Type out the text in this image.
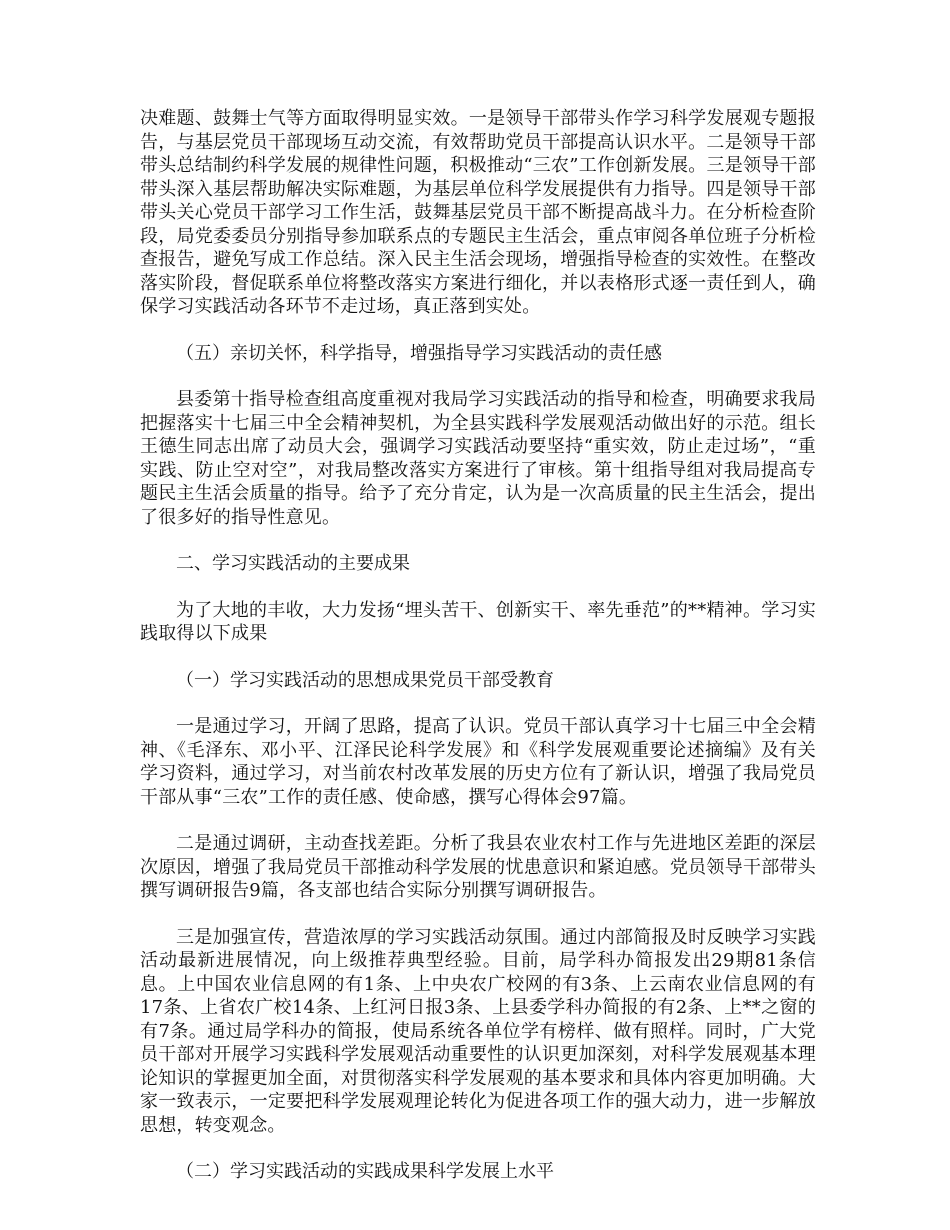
决难题、鼓舞士气等方面取得明显实效。一是领导干部带头作学习科学发展观专题报告，与基层党员干部现场互动交流，有效帮助党员干部提高认识水平。二是领导干部带头总结制约科学发展的规律性问题，积极推动“三农”工作创新发展。三是领导干部带头深入基层帮助解决实际难题，为基层单位科学发展提供有力指导。四是领导干部带头关心党员干部学习工作生活，鼓舞基层党员干部不断提高战斗力。在分析检查阶段，局党委委员分别指导参加联系点的专题民主生活会，重点审阅各单位班子分析检查报告，避免写成工作总结。深入民主生活会现场，增强指导检查的实效性。在整改落实阶段，督促联系单位将整改落实方案进行细化，并以表格形式逐一责任到人，确保学习实践活动各环节不走过场，真正落到实处。

（五）亲切关怀，科学指导，增强指导学习实践活动的责任感

县委第十指导检查组高度重视对我局学习实践活动的指导和检查，明确要求我局把握落实十七届三中全会精神契机，为全县实践科学发展观活动做出好的示范。组长王德生同志出席了动员大会，强调学习实践活动要坚持“重实效，防止走过场”，“重实践、防止空对空”，对我局整改落实方案进行了审核。第十组指导组对我局提高专题民主生活会质量的指导。给予了充分肯定，认为是一次高质量的民主生活会，提出了很多好的指导性意见。

二、学习实践活动的主要成果

为了大地的丰收，大力发扬“埋头苦干、创新实干、率先垂范”的**精神。学习实践取得以下成果

（一）学习实践活动的思想成果党员干部受教育

一是通过学习，开阔了思路，提高了认识。党员干部认真学习十七届三中全会精神、《毛泽东、邓小平、江泽民论科学发展》和《科学发展观重要论述摘编》及有关学习资料，通过学习，对当前农村改革发展的历史方位有了新认识，增强了我局党员干部从事“三农”工作的责任感、使命感，撰写心得体会97篇。

二是通过调研，主动查找差距。分析了我县农业农村工作与先进地区差距的深层次原因，增强了我局党员干部推动科学发展的忧患意识和紧迫感。党员领导干部带头撰写调研报告9篇，各支部也结合实际分别撰写调研报告。

三是加强宣传，营造浓厚的学习实践活动氛围。通过内部简报及时反映学习实践活动最新进展情况，向上级推荐典型经验。目前，局学科办简报发出29期81条信息。上中国农业信息网的有1条、上中央农广校网的有3条、上云南农业信息网的有17条、上省农广校14条、上红河日报3条、上县委学科办简报的有2条、上**之窗的有7条。通过局学科办的简报，使局系统各单位学有榜样、做有照样。同时，广大党员干部对开展学习实践科学发展观活动重要性的认识更加深刻，对科学发展观基本理论知识的掌握更加全面，对贯彻落实科学发展观的基本要求和具体内容更加明确。大家一致表示，一定要把科学发展观理论转化为促进各项工作的强大动力，进一步解放思想，转变观念。

（二）学习实践活动的实践成果科学发展上水平
